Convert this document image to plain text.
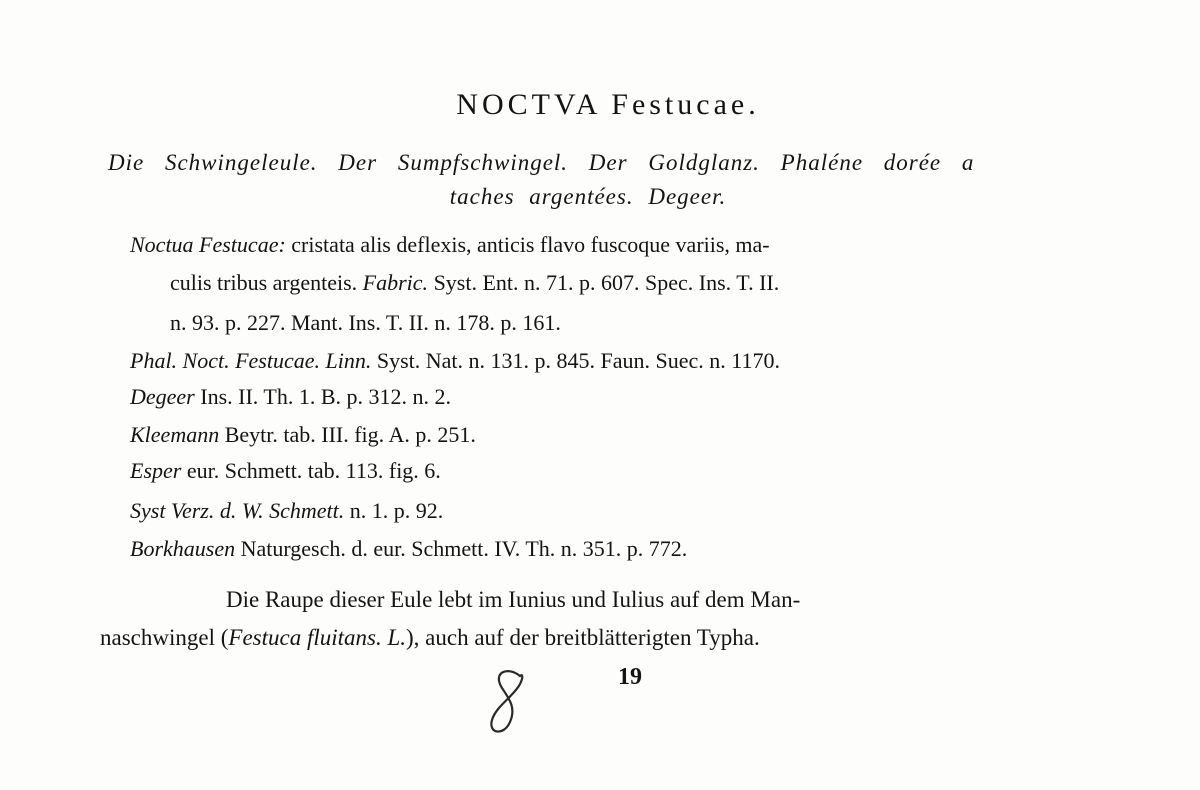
NOCTVA Festucae.
Die Schwingeleule. Der Sumpfschwingel. Der Goldglanz. Phaléne dorée a
taches argentées. Degeer.
Noctua Festucae: cristata alis deflexis, anticis flavo fuscoque variis, ma-
culis tribus argenteis. Fabric. Syst. Ent. n. 71. p. 607. Spec. Ins. T. II.
n. 93. p. 227. Mant. Ins. T. II. n. 178. p. 161.
Phal. Noct. Festucae. Linn. Syst. Nat. n. 131. p. 845. Faun. Suec. n. 1170.
Degeer Ins. II. Th. 1. B. p. 312. n. 2.
Kleemann Beytr. tab. III. fig. A. p. 251.
Esper eur. Schmett. tab. 113. fig. 6.
Syst Verz. d. W. Schmett. n. 1. p. 92.
Borkhausen Naturgesch. d. eur. Schmett. IV. Th. n. 351. p. 772.
Die Raupe dieser Eule lebt im Iunius und Iulius auf dem Man-
naschwingel (Festuca fluitans. L.), auch auf der breitblätterigten Typha.
19
